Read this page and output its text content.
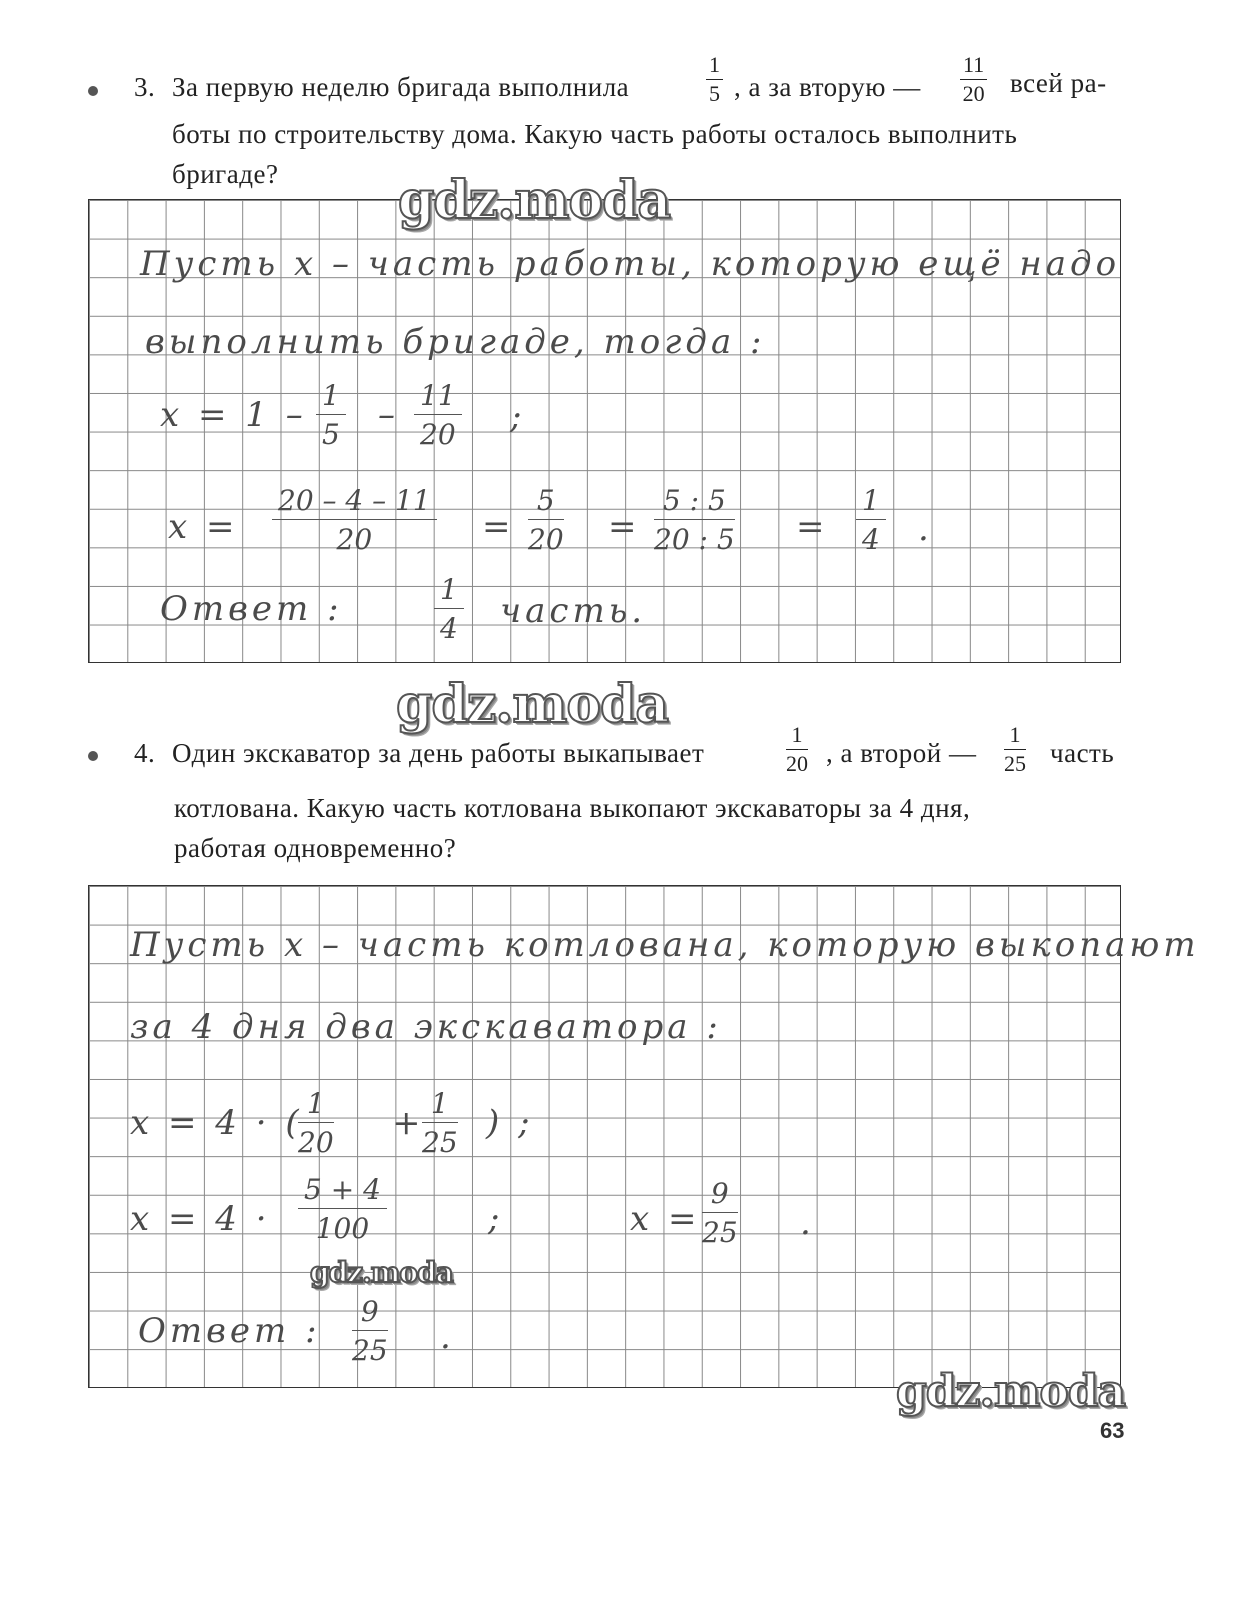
3. За первую неделю бригада выполнила
1
5 , а за вторую —
11
20 всей ра-
боты по строительству дома. Какую часть работы осталось выполнить
бригаде?
Пусть x – часть работы, которую ещё надо
выполнить бригаде, тогда :
x = 1 – 1
5 – 11
20 ;
x =
20 – 4 – 11
20	=
5
20 =
5 : 5
20 : 5 =
1
4 .
Ответ :	1
4 часть.
4. Один экскаватор за день работы выкапывает
1
20 , а второй —
1
25 часть
котлована. Какую часть котлована выкопают экскаваторы за 4 дня,
работая одновременно?
Пусть x – часть котлована, которую выкопают
за 4 дня два экскаватора :
x = 4 · ( 1
20 + 1
25 ) ;
x = 4 ·
5 + 4
100	;	x =
9
25 .
Ответ : 9
25 .
gdz.moda
gdz.moda
gdz.moda
gdz.moda
63
